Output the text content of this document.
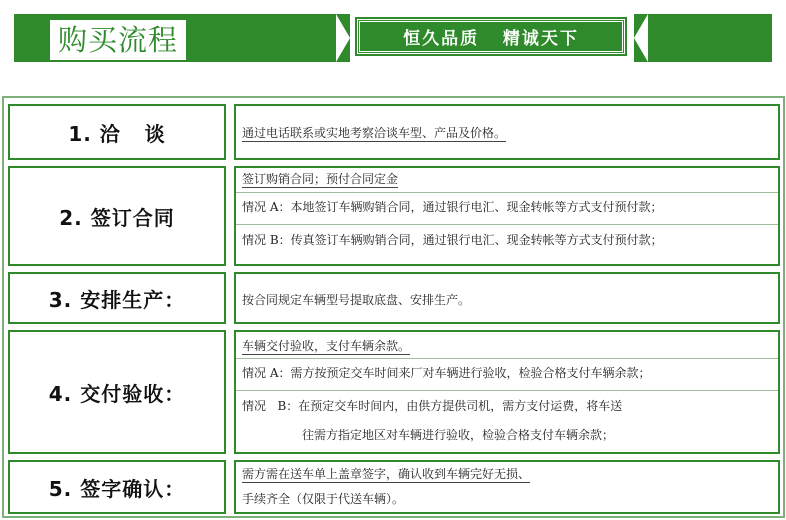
购买流程	恒久品质   精诚天下
1. 洽   谈	通过电话联系或实地考察洽谈车型、产品及价格。
2. 签订合同
签订购销合同；预付合同定金
情况 A：本地签订车辆购销合同，通过银行电汇、现金转帐等方式支付预付款；
情况 B：传真签订车辆购销合同，通过银行电汇、现金转帐等方式支付预付款；
3. 安排生产：	按合同规定车辆型号提取底盘、安排生产。
4. 交付验收：
车辆交付验收，支付车辆余款。
情况 A：需方按预定交车时间来厂对车辆进行验收，检验合格支付车辆余款；
情况   B：在预定交车时间内，由供方提供司机，需方支付运费，将车送
往需方指定地区对车辆进行验收，检验合格支付车辆余款；
5. 签字确认：
需方需在送车单上盖章签字，确认收到车辆完好无损、
手续齐全（仅限于代送车辆）。
